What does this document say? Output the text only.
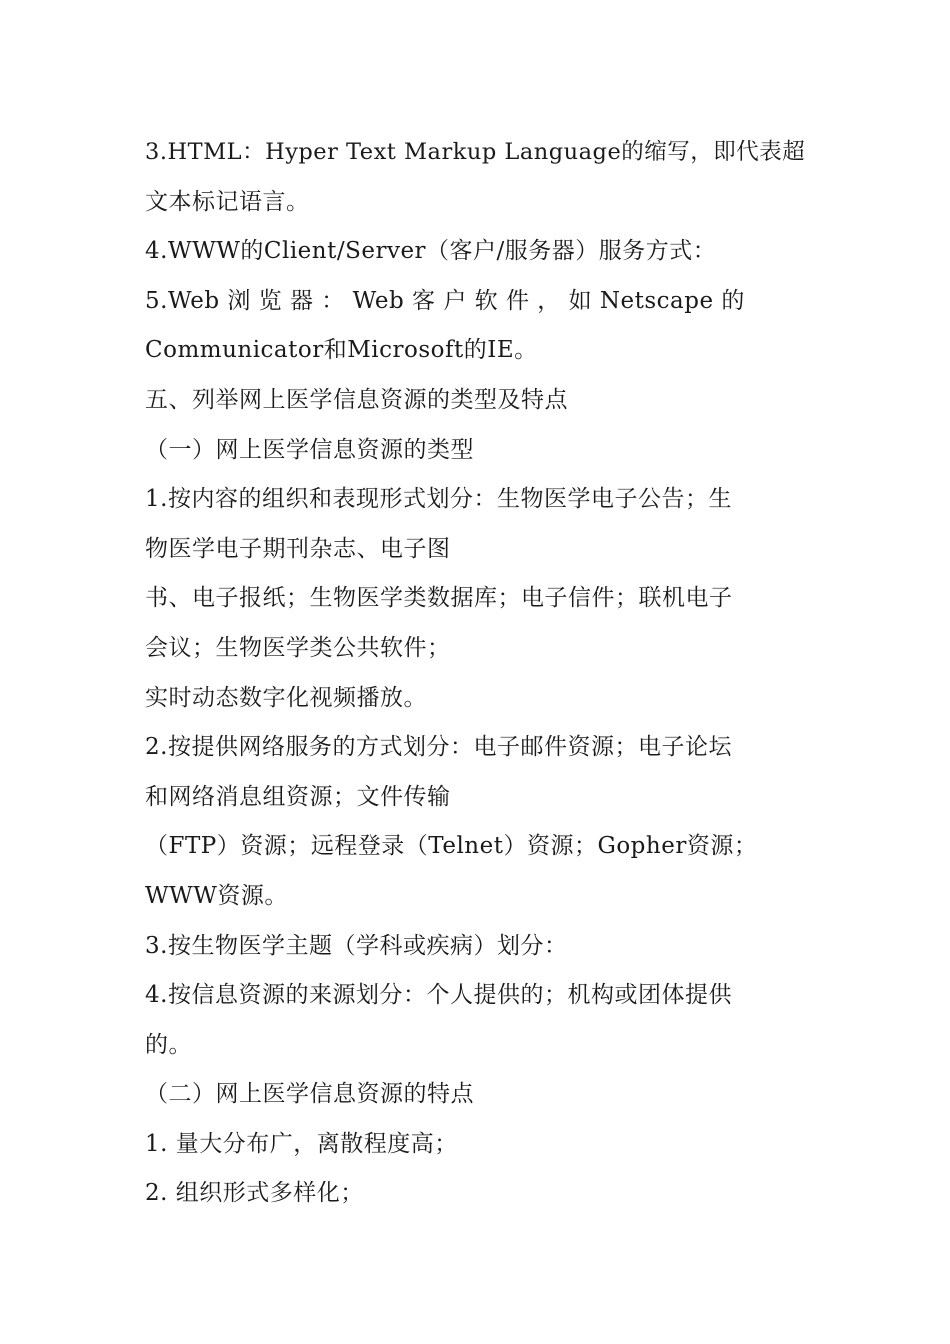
3.HTML：Hyper Text Markup Language的缩写，即代表超
文本标记语言。
4.WWW的Client/Server（客户/服务器）服务方式：
5.Web 浏 览 器 ： Web 客 户 软 件 ， 如 Netscape 的
Communicator和Microsoft的IE。
五、列举网上医学信息资源的类型及特点
（一）网上医学信息资源的类型
1.按内容的组织和表现形式划分：生物医学电子公告；生
物医学电子期刊杂志、电子图
书、电子报纸；生物医学类数据库；电子信件；联机电子
会议；生物医学类公共软件；
实时动态数字化视频播放。
2.按提供网络服务的方式划分：电子邮件资源；电子论坛
和网络消息组资源；文件传输
（FTP）资源；远程登录（Telnet）资源；Gopher资源；
WWW资源。
3.按生物医学主题（学科或疾病）划分：
4.按信息资源的来源划分：个人提供的；机构或团体提供
的。
（二）网上医学信息资源的特点
1. 量大分布广，离散程度高；
2. 组织形式多样化；
